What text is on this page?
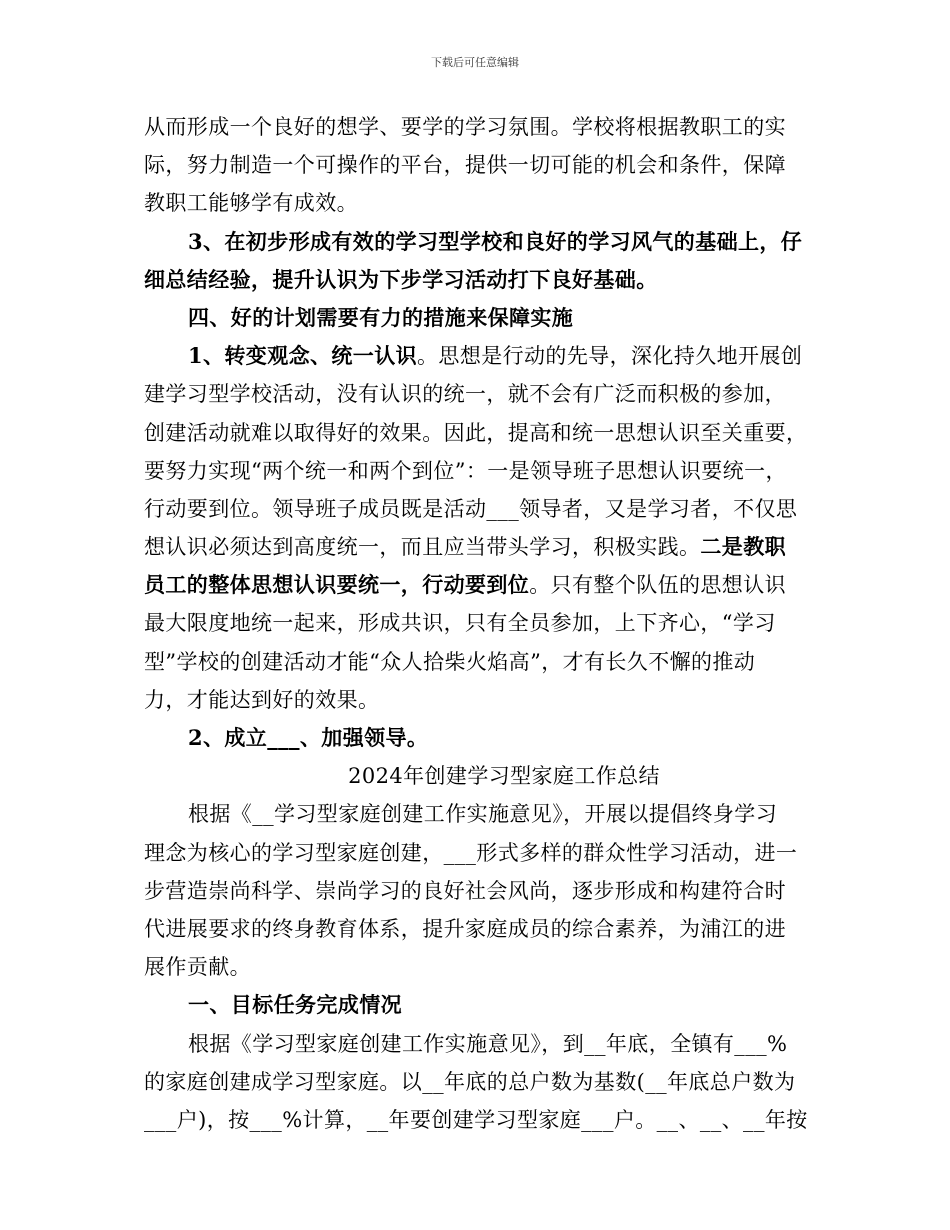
下载后可任意编辑
从而形成一个良好的想学、要学的学习氛围。学校将根据教职工的实
际，努力制造一个可操作的平台，提供一切可能的机会和条件，保障
教职工能够学有成效。
3、在初步形成有效的学习型学校和良好的学习风气的基础上，仔
细总结经验，提升认识为下步学习活动打下良好基础。
四、好的计划需要有力的措施来保障实施
1、转变观念、统一认识。思想是行动的先导，深化持久地开展创
建学习型学校活动，没有认识的统一，就不会有广泛而积极的参加，
创建活动就难以取得好的效果。因此，提高和统一思想认识至关重要，
要努力实现“两个统一和两个到位”：一是领导班子思想认识要统一，
行动要到位。领导班子成员既是活动___领导者，又是学习者，不仅思
想认识必须达到高度统一，而且应当带头学习，积极实践。二是教职
员工的整体思想认识要统一，行动要到位。只有整个队伍的思想认识
最大限度地统一起来，形成共识，只有全员参加，上下齐心，“学习
型”学校的创建活动才能“众人拾柴火焰高”，才有长久不懈的推动
力，才能达到好的效果。
2、成立___、加强领导。
2024年创建学习型家庭工作总结
根据《__学习型家庭创建工作实施意见》，开展以提倡终身学习
理念为核心的学习型家庭创建，___形式多样的群众性学习活动，进一
步营造崇尚科学、崇尚学习的良好社会风尚，逐步形成和构建符合时
代进展要求的终身教育体系，提升家庭成员的综合素养，为浦江的进
展作贡献。
一、目标任务完成情况
根据《学习型家庭创建工作实施意见》，到__年底，全镇有___%
的家庭创建成学习型家庭。以__年底的总户数为基数(__年底总户数为
___户)，按___%计算，__年要创建学习型家庭___户。__、__、__年按
